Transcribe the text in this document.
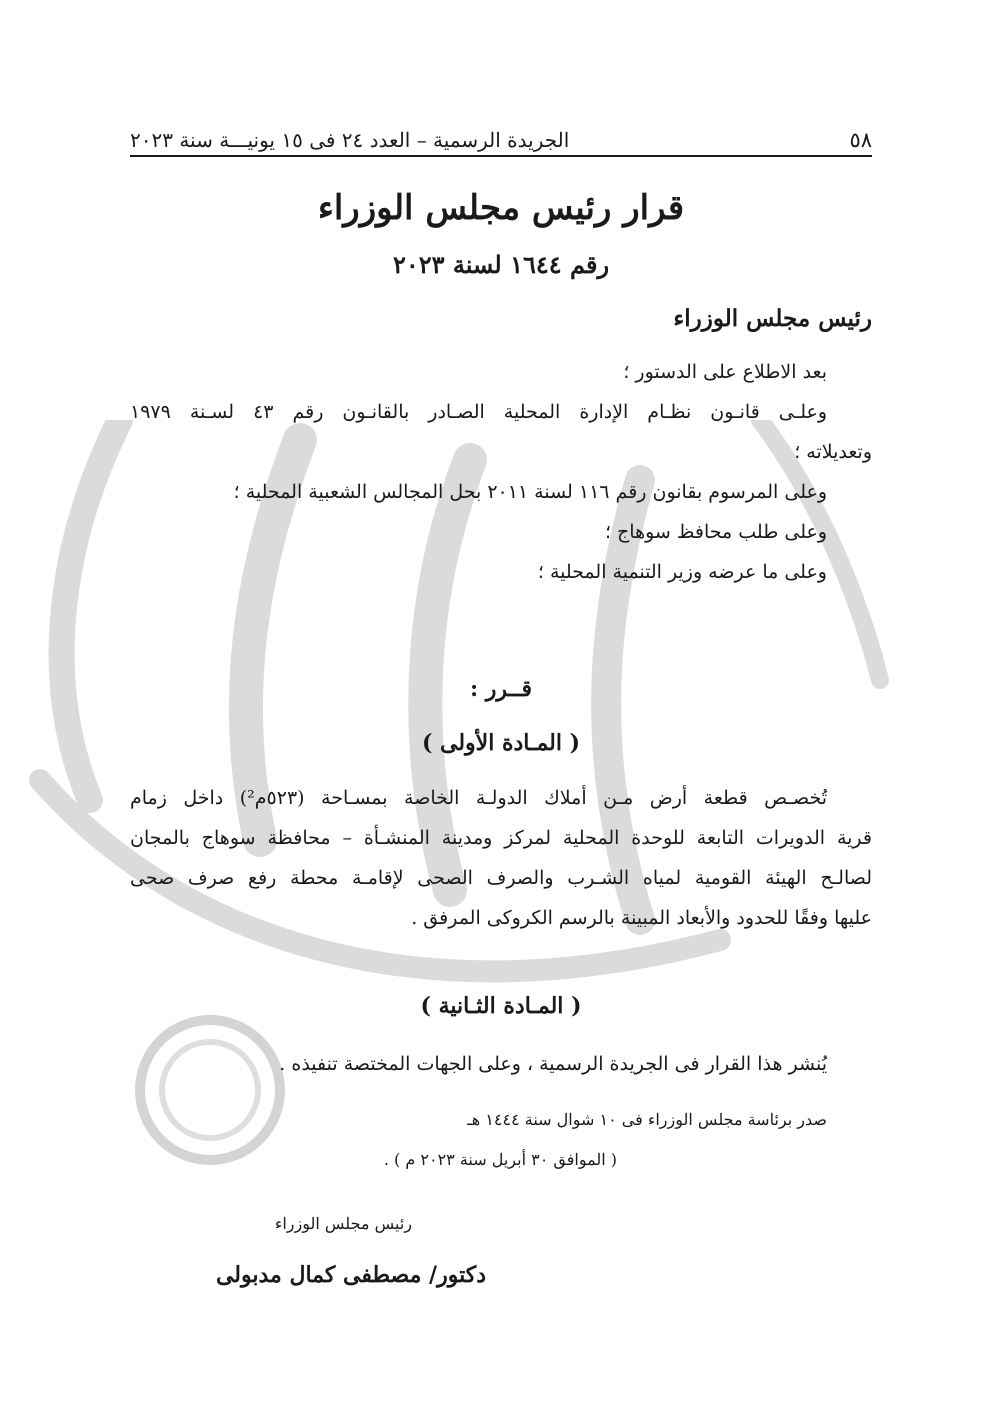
٥٨
الجريدة الرسمية – العدد ٢٤ فى ١٥ يونيـــة سنة ٢٠٢٣
قرار رئيس مجلس الوزراء
رقم ١٦٤٤ لسنة ٢٠٢٣
رئيس مجلس الوزراء
بعد الاطلاع على الدستور ؛
وعلـى قانـون نظـام الإدارة المحلية الصـادر بالقانـون رقم ٤٣ لسـنة ١٩٧٩
وتعديلاته ؛
وعلى المرسوم بقانون رقم ١١٦ لسنة ٢٠١١ بحل المجالس الشعبية المحلية ؛
وعلى طلب محافظ سوهاج ؛
وعلى ما عرضه وزير التنمية المحلية ؛
قــرر :
( المـادة الأولى )
تُخصـص قطعة أرض مـن أملاك الدولـة الخاصة بمسـاحة (٥٢٣م²) داخل زمام
قرية الدويرات التابعة للوحدة المحلية لمركز ومدينة المنشـأة – محافظة سوهاج بالمجان
لصالـح الهيئة القومية لمياه الشـرب والصرف الصحى لإقامـة محطة رفع صرف صحى
عليها وفقًا للحدود والأبعاد المبينة بالرسم الكروكى المرفق .
( المـادة الثـانية )
يُنشر هذا القرار فى الجريدة الرسمية ، وعلى الجهات المختصة تنفيذه .
صدر برئاسة مجلس الوزراء فى ١٠ شوال سنة ١٤٤٤ هـ
( الموافق ٣٠ أبريل سنة ٢٠٢٣ م ) .
رئيس مجلس الوزراء
دكتور/ مصطفى كمال مدبولى
